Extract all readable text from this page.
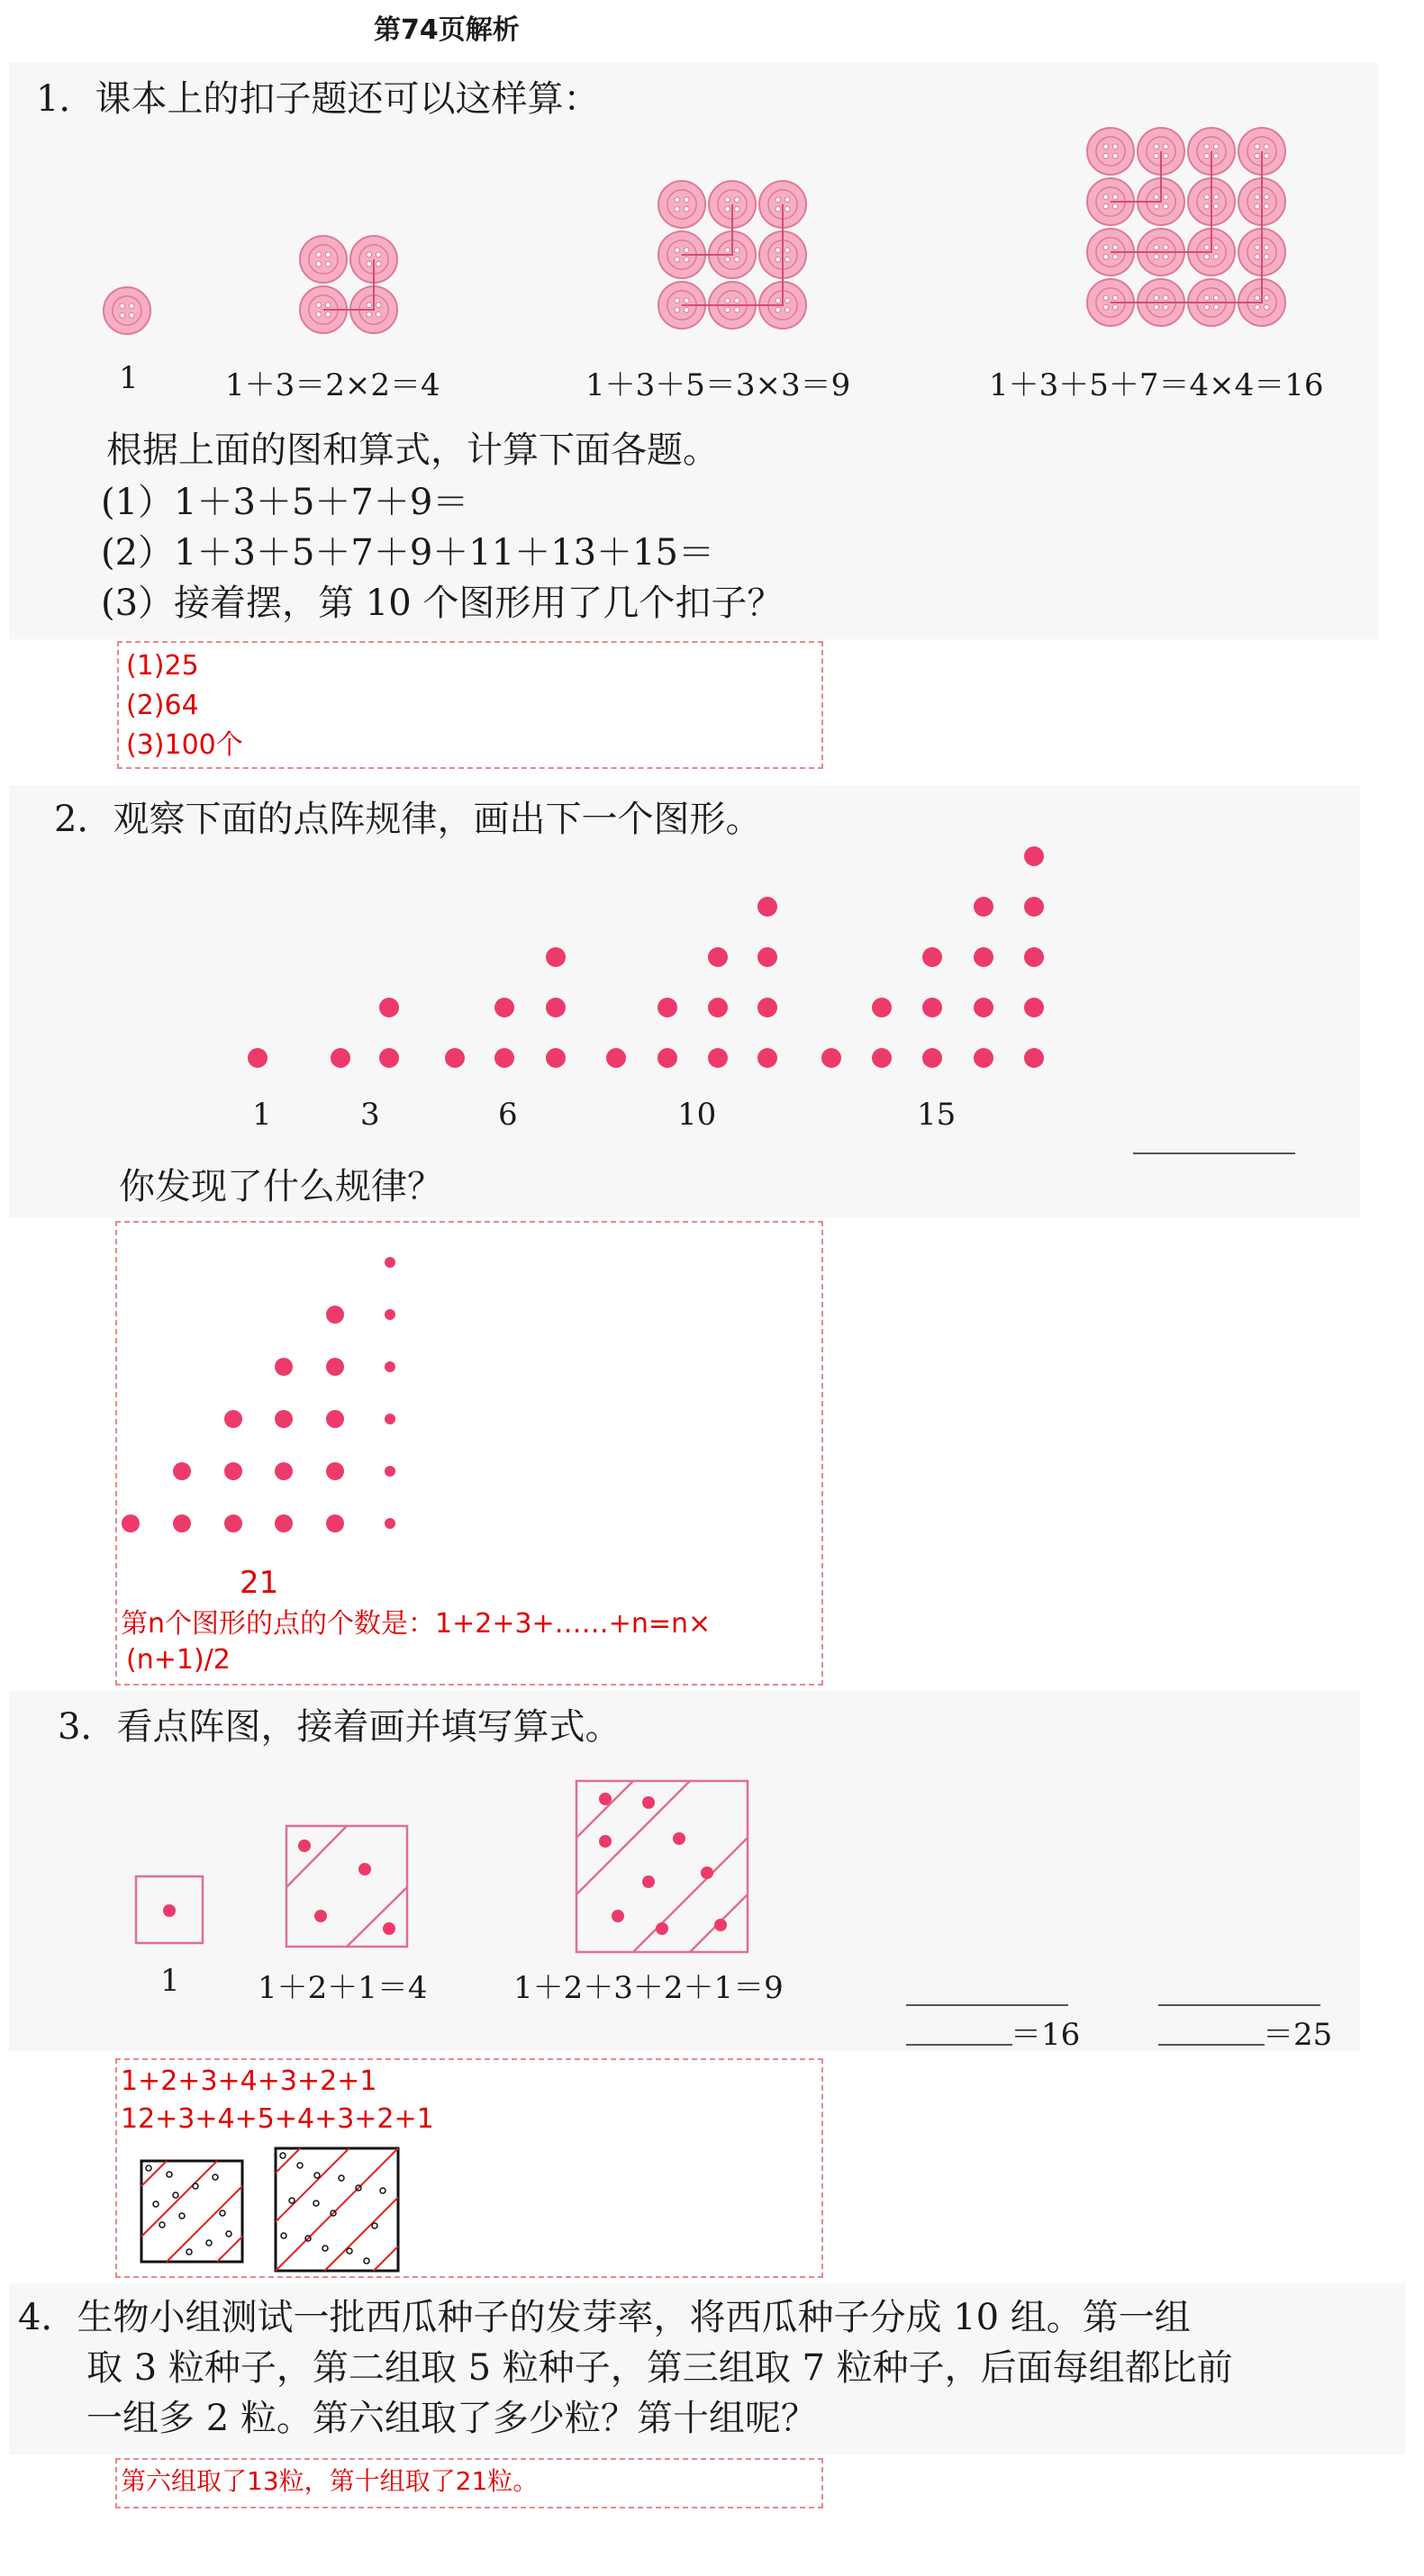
第74页解析
1．课本上的扣子题还可以这样算：
1	1＋3＝2×2＝4	1＋3＋5＝3×3＝9	1＋3＋5＋7＝4×4＝16
根据上面的图和算式，计算下面各题。
(1）1＋3＋5＋7＋9＝
(2）1＋3＋5＋7＋9＋11＋13＋15＝
(3）接着摆，第 10 个图形用了几个扣子？
(1)25
(2)64
(3)100个
2．观察下面的点阵规律，画出下一个图形。
1	3	6	10	15
你发现了什么规律？
21
第n个图形的点的个数是：1+2+3+……+n=n×
(n+1)/2
3．看点阵图，接着画并填写算式。
1	1＋2＋1＝4	1＋2＋3＋2＋1＝9
＝16	＝25
1+2+3+4+3+2+1
12+3+4+5+4+3+2+1
4．生物小组测试一批西瓜种子的发芽率，将西瓜种子分成 10 组。第一组
取 3 粒种子，第二组取 5 粒种子，第三组取 7 粒种子，后面每组都比前
一组多 2 粒。第六组取了多少粒？第十组呢？
第六组取了13粒，第十组取了21粒。
